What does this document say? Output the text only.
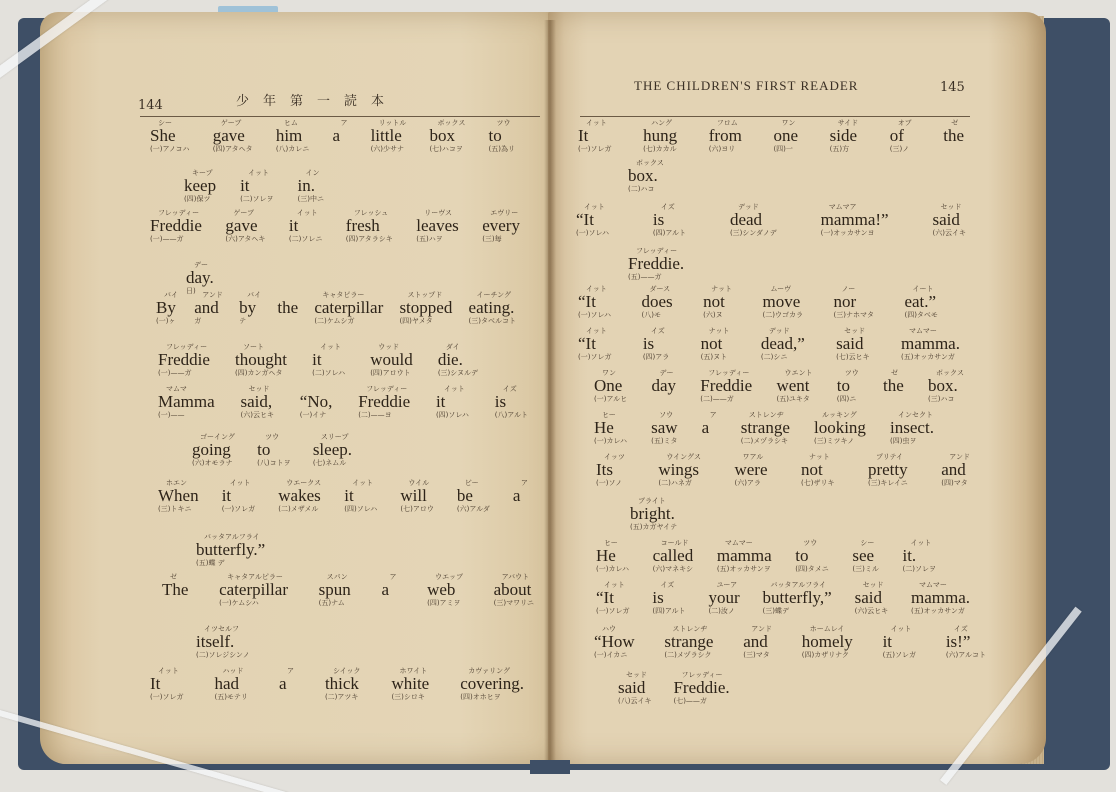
144	少年第一読本
THE CHILDREN'S FIRST READER	145
シー
She
(一)アノコハ
ゲーブ
gave
(四)アタヘタ
ヒム
him
(八)カレニ
ア
a
リットル
little
(六)少サナ
ボックス
box
(七)ハコヲ
ツウ
to
(五)為リ
キープ
keep
(四)保ツ
イット
it
(二)ソレヲ
イン
in.
(三)中ニ
フレッディー
Freddie
(一)——ガ
ゲーブ
gave
(六)アタヘキ
イット
it
(二)ソレニ
フレッシュ
fresh
(四)アタラシキ
リーヴス
leaves
(五)ハヲ
エヴリー
every
(三)毎
デー
day.
日)
バイ
By
(一)ヶ
アンド
and
ガ
バイ
by
テ
the
キャタピラー
caterpillar
(二)ケムシガ
ストップド
stopped
(四)ヤメタ
イーチング
eating.
(三)タベルコト
フレッディー
Freddie
(一)——ガ
ソート
thought
(四)カンガヘタ
イット
it
(二)ソレハ
ウッド
would
(四)アロウト
ダイ
die.
(三)シヌルデ
マムマ
Mamma
(一)——
セッド
said,
(六)云ヒキ
“No,
(一)イナ
フレッディー
Freddie
(二)——ヨ
イット
it
(四)ソレハ
イズ
is
(八)アルト
ゴーイング
going
(六)オモラナ
ツウ
to
(八)コトヲ
スリープ
sleep.
(七)ネムル
ホエン
When
(三)トキニ
イット
it
(一)ソレガ
ウエークス
wakes
(二)メザメル
イット
it
(四)ソレハ
ウイル
will
(七)アロウ
ビー
be
(六)アルダ
ア
a
バッタアルフライ
butterfly.”
(五)蝶 デ
ゼ
The
キャタアルピラー
caterpillar
(一)ケムシハ
スパン
spun
(五)ナム
ア
a
ウエッブ
web
(四)アミヲ
アバウト
about
(三)マワリニ
イツセルフ
itself.
(二)ソレジシンノ
イット
It
(一)ソレガ
ハッド
had
(五)モテリ
ア
a
シイック
thick
(二)アツキ
ホワイト
white
(三)シロキ
カヴァリング
covering.
(四)オホヒヲ
イット
It
(一)ソレガ
ハング
hung
(七)カカル
フロム
from
(六)ヨリ
ワン
one
(四)一
サイド
side
(五)方
オブ
of
(三)ノ
ゼ
the
ボックス
box.
(二)ハコ
イット
“It
(一)ソレハ
イズ
is
(四)アルト
デッド
dead
(三)シンダノデ
マムマア
mamma!”
(一)オッカサンヨ
セッド
said
(六)云イキ
フレッディー
Freddie.
(五)——ガ
イット
“It
(一)ソレハ
ダース
does
(八)モ
ナット
not
(六)ヌ
ムーヴ
move
(二)ウゴカラ
ノー
nor
(三)ナホマタ
イート
eat.”
(四)タベモ
イット
“It
(一)ソレガ
イズ
is
(四)アラ
ナット
not
(五)ヌト
デッド
dead,”
(二)シニ
セッド
said
(七)云ヒキ
マムマー
mamma.
(五)オッカサンガ
ワン
One
(一)アルヒ
デー
day
フレッディー
Freddie
(二)——ガ
ウエント
went
(五)ユキタ
ツウ
to
(四)ニ
ゼ
the
ボックス
box.
(三)ハコ
ヒー
He
(一)カレハ
ソウ
saw
(五)ミタ
ア
a
ストレンヂ
strange
(二)メヅラシキ
ルッキング
looking
(三)ミツキノ
インセクト
insect.
(四)虫ヲ
イッツ
Its
(一)ソノ
ウイングス
wings
(二)ハネガ
ワアル
were
(六)アラ
ナット
not
(七)ザリキ
プリテイ
pretty
(三)キレイニ
アンド
and
(四)マタ
ブライト
bright.
(五)カガヤイテ
ヒー
He
(一)カレハ
コールド
called
(六)マネキシ
マムマー
mamma
(五)オッカサンヲ
ツウ
to
(四)タメニ
シー
see
(三)ミル
イット
it.
(二)ソレヲ
イット
“It
(一)ソレガ
イズ
is
(四)アルト
ユーア
your
(二)汝ノ
バッタアルフライ
butterfly,”
(三)蝶デ
セッド
said
(六)云ヒキ
マムマー
mamma.
(五)オッカサンガ
ハウ
“How
(一)イカニ
ストレンヂ
strange
(二)メヅラシク
アンド
and
(三)マタ
ホームレイ
homely
(四)カザリナク
イット
it
(五)ソレガ
イズ
is!”
(六)アルコト
セッド
said
(八)云イキ
フレッディー
Freddie.
(七)——ガ
